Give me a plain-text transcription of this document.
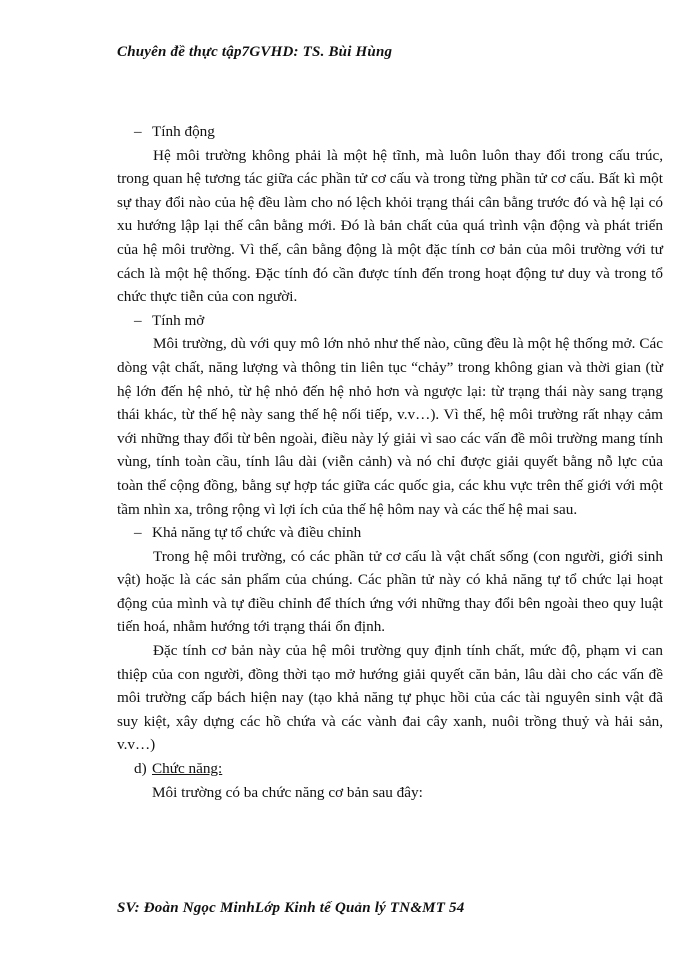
Chuyên đề thực tập7GVHD: TS. Bùi Hùng

– Tính động

Hệ môi trường không phải là một hệ tĩnh, mà luôn luôn thay đổi trong cấu trúc, trong quan hệ tương tác giữa các phần tử cơ cấu và trong từng phần tử cơ cấu. Bất kì một sự thay đổi nào của hệ đều làm cho nó lệch khỏi trạng thái cân bằng trước đó và hệ lại có xu hướng lập lại thế cân bằng mới. Đó là bản chất của quá trình vận động và phát triển của hệ môi trường. Vì thế, cân bằng động là một đặc tính cơ bản của môi trường với tư cách là một hệ thống. Đặc tính đó cần được tính đến trong hoạt động tư duy và trong tổ chức thực tiễn của con người.

– Tính mở

Môi trường, dù với quy mô lớn nhỏ như thế nào, cũng đều là một hệ thống mở. Các dòng vật chất, năng lượng và thông tin liên tục “chảy” trong không gian và thời gian (từ hệ lớn đến hệ nhỏ, từ hệ nhỏ đến hệ nhỏ hơn và ngược lại: từ trạng thái này sang trạng thái khác, từ thế hệ này sang thế hệ nối tiếp, v.v…). Vì thế, hệ môi trường rất nhạy cảm với những thay đổi từ bên ngoài, điều này lý giải vì sao các vấn đề môi trường mang tính vùng, tính toàn cầu, tính lâu dài (viễn cảnh) và nó chỉ được giải quyết bằng nỗ lực của toàn thể cộng đồng, bằng sự hợp tác giữa các quốc gia, các khu vực trên thế giới với một tầm nhìn xa, trông rộng vì lợi ích của thế hệ hôm nay và các thế hệ mai sau.

– Khả năng tự tổ chức và điều chỉnh

Trong hệ môi trường, có các phần tử cơ cấu là vật chất sống (con người, giới sinh vật) hoặc là các sản phẩm của chúng. Các phần tử này có khả năng tự tổ chức lại hoạt động của mình và tự điều chỉnh để thích ứng với những thay đổi bên ngoài theo quy luật tiến hoá, nhằm hướng tới trạng thái ổn định.

Đặc tính cơ bản này của hệ môi trường quy định tính chất, mức độ, phạm vi can thiệp của con người, đồng thời tạo mở hướng giải quyết căn bản, lâu dài cho các vấn đề môi trường cấp bách hiện nay (tạo khả năng tự phục hồi của các tài nguyên sinh vật đã suy kiệt, xây dựng các hồ chứa và các vành đai cây xanh, nuôi trồng thuỷ và hải sản, v.v…)

d) Chức năng:

Môi trường có ba chức năng cơ bản sau đây:

SV: Đoàn Ngọc MinhLớp Kinh tế Quản lý TN&MT 54
